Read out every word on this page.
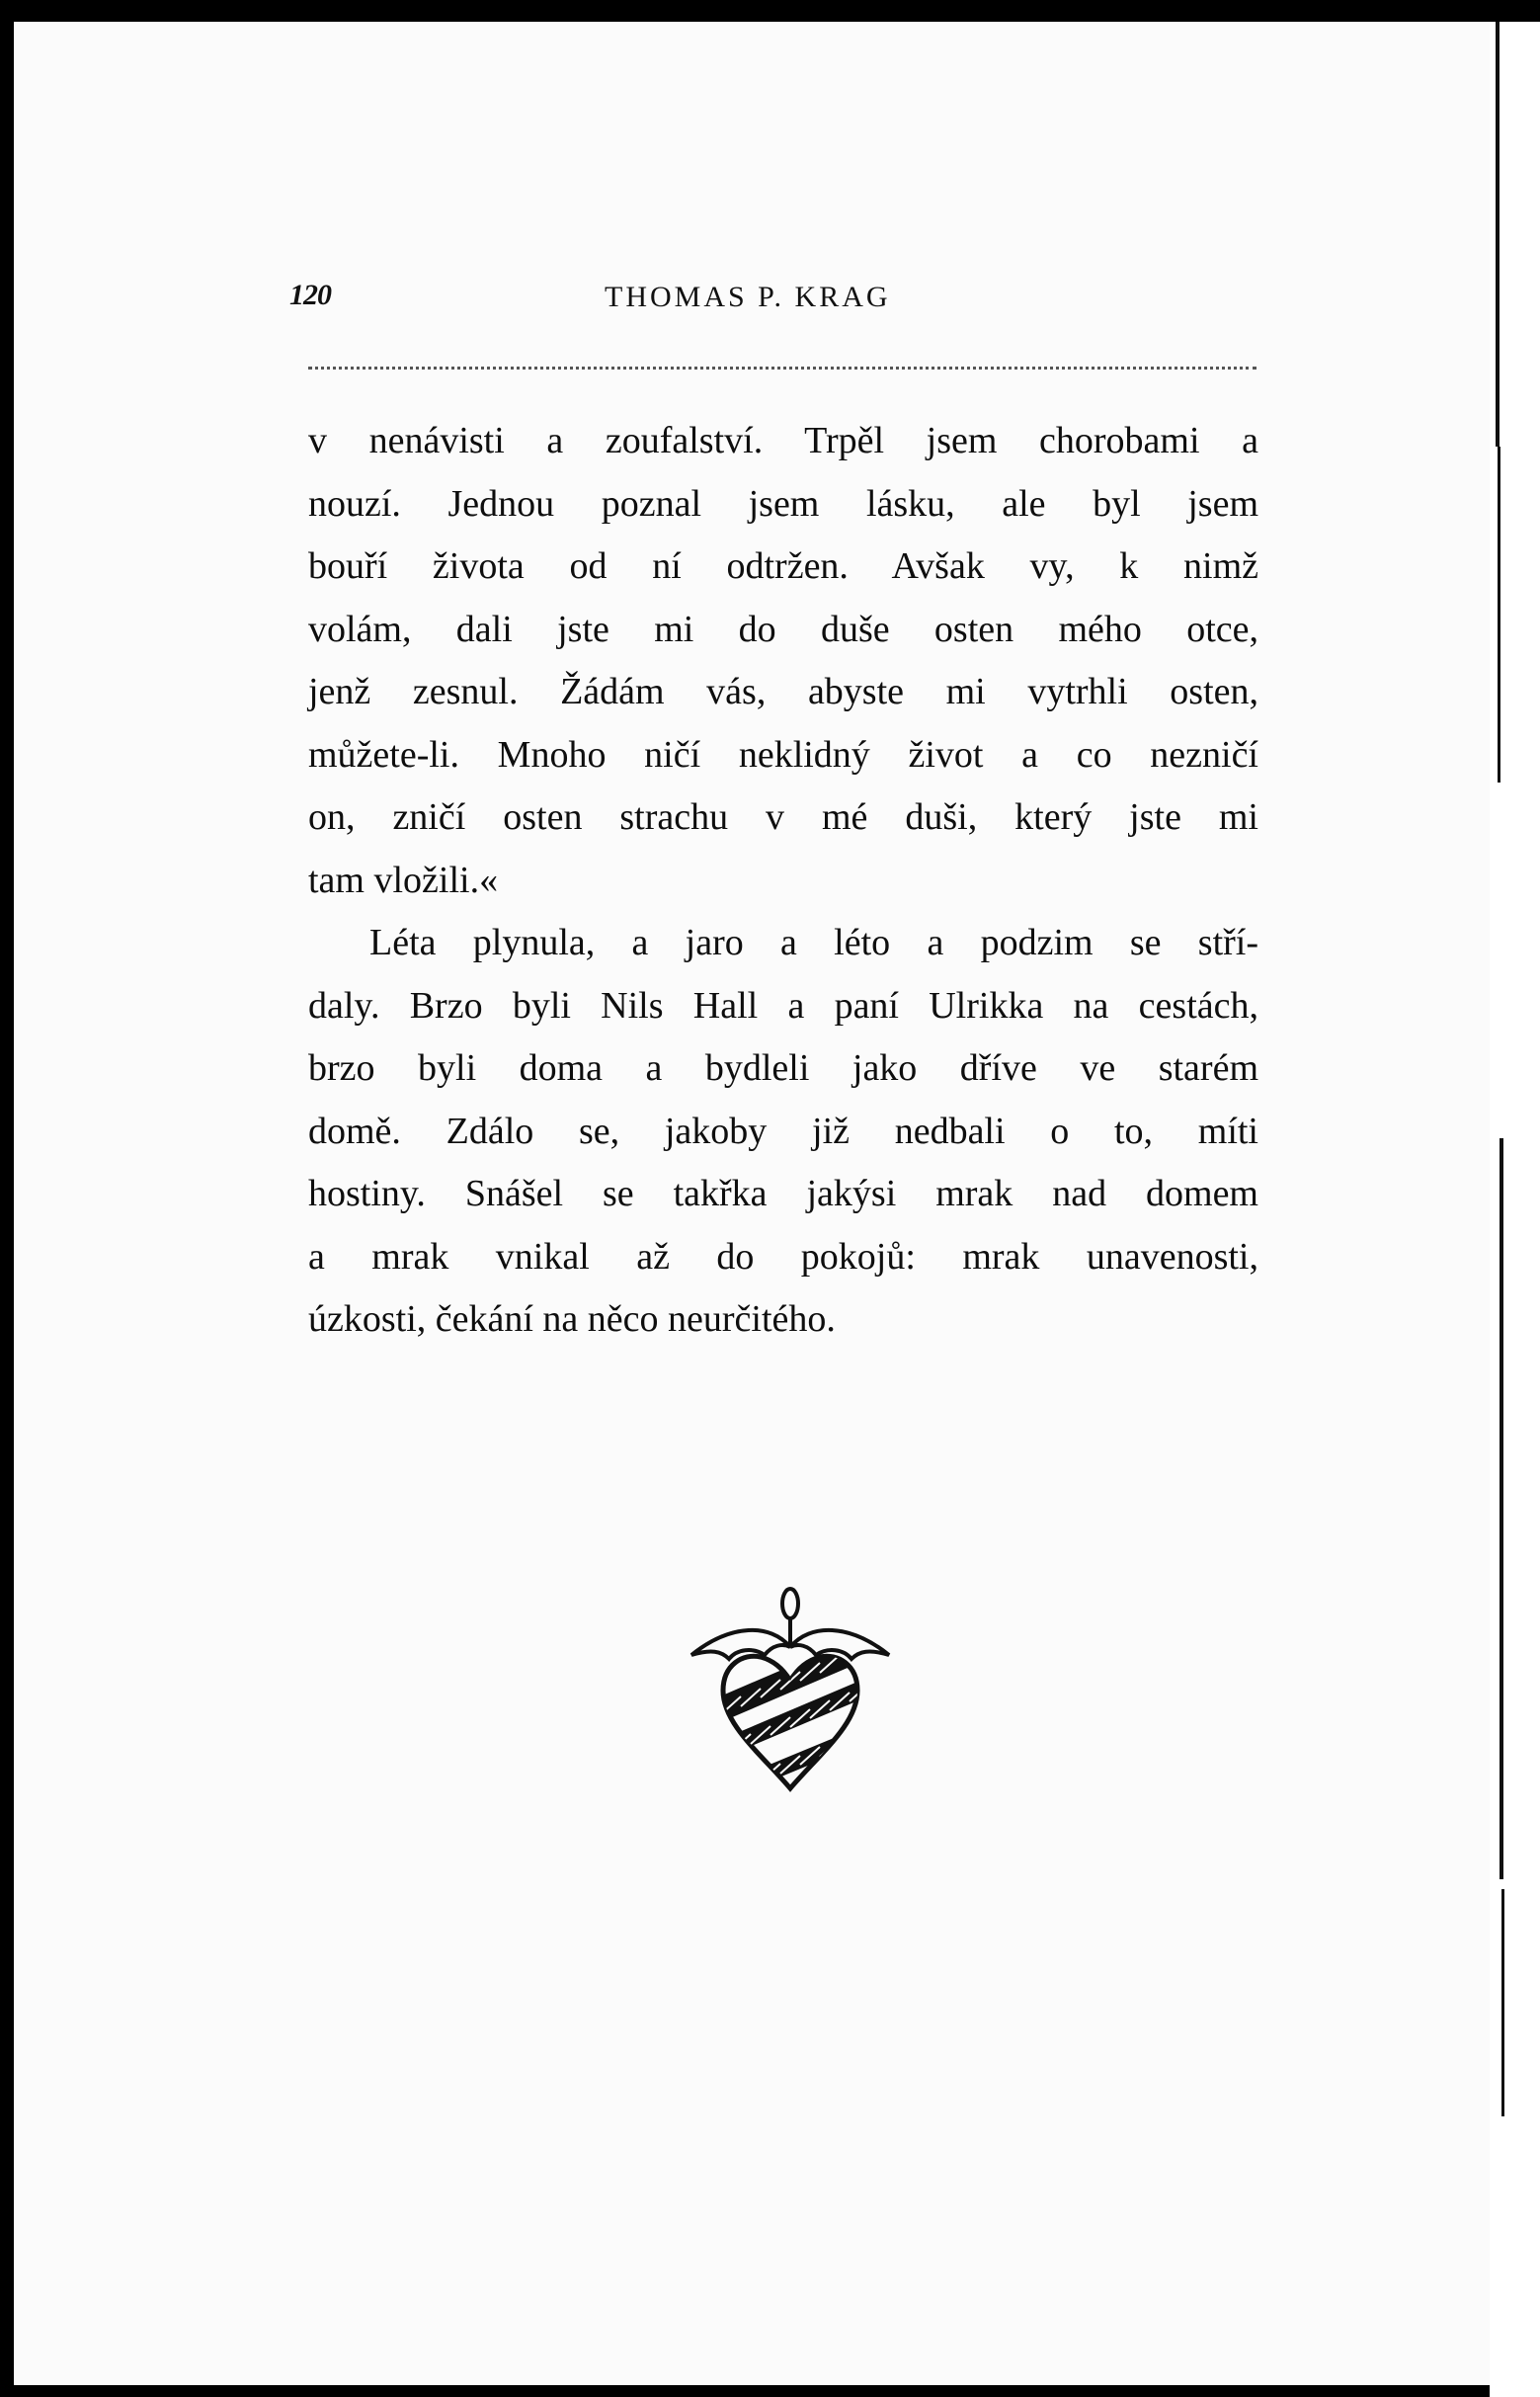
120	THOMAS P. KRAG
v nenávisti a zoufalství. Trpěl jsem chorobami a
nouzí. Jednou poznal jsem lásku, ale byl jsem
bouří života od ní odtržen. Avšak vy, k nimž
volám, dali jste mi do duše osten mého otce,
jenž zesnul. Žádám vás, abyste mi vytrhli osten,
můžete-li. Mnoho ničí neklidný život a co nezničí
on, zničí osten strachu v mé duši, který jste mi
tam vložili.«
Léta plynula, a jaro a léto a podzim se stří-
daly. Brzo byli Nils Hall a paní Ulrikka na cestách,
brzo byli doma a bydleli jako dříve ve starém
domě. Zdálo se, jakoby již nedbali o to, míti
hostiny. Snášel se takřka jakýsi mrak nad domem
a mrak vnikal až do pokojů: mrak unavenosti,
úzkosti, čekání na něco neurčitého.
